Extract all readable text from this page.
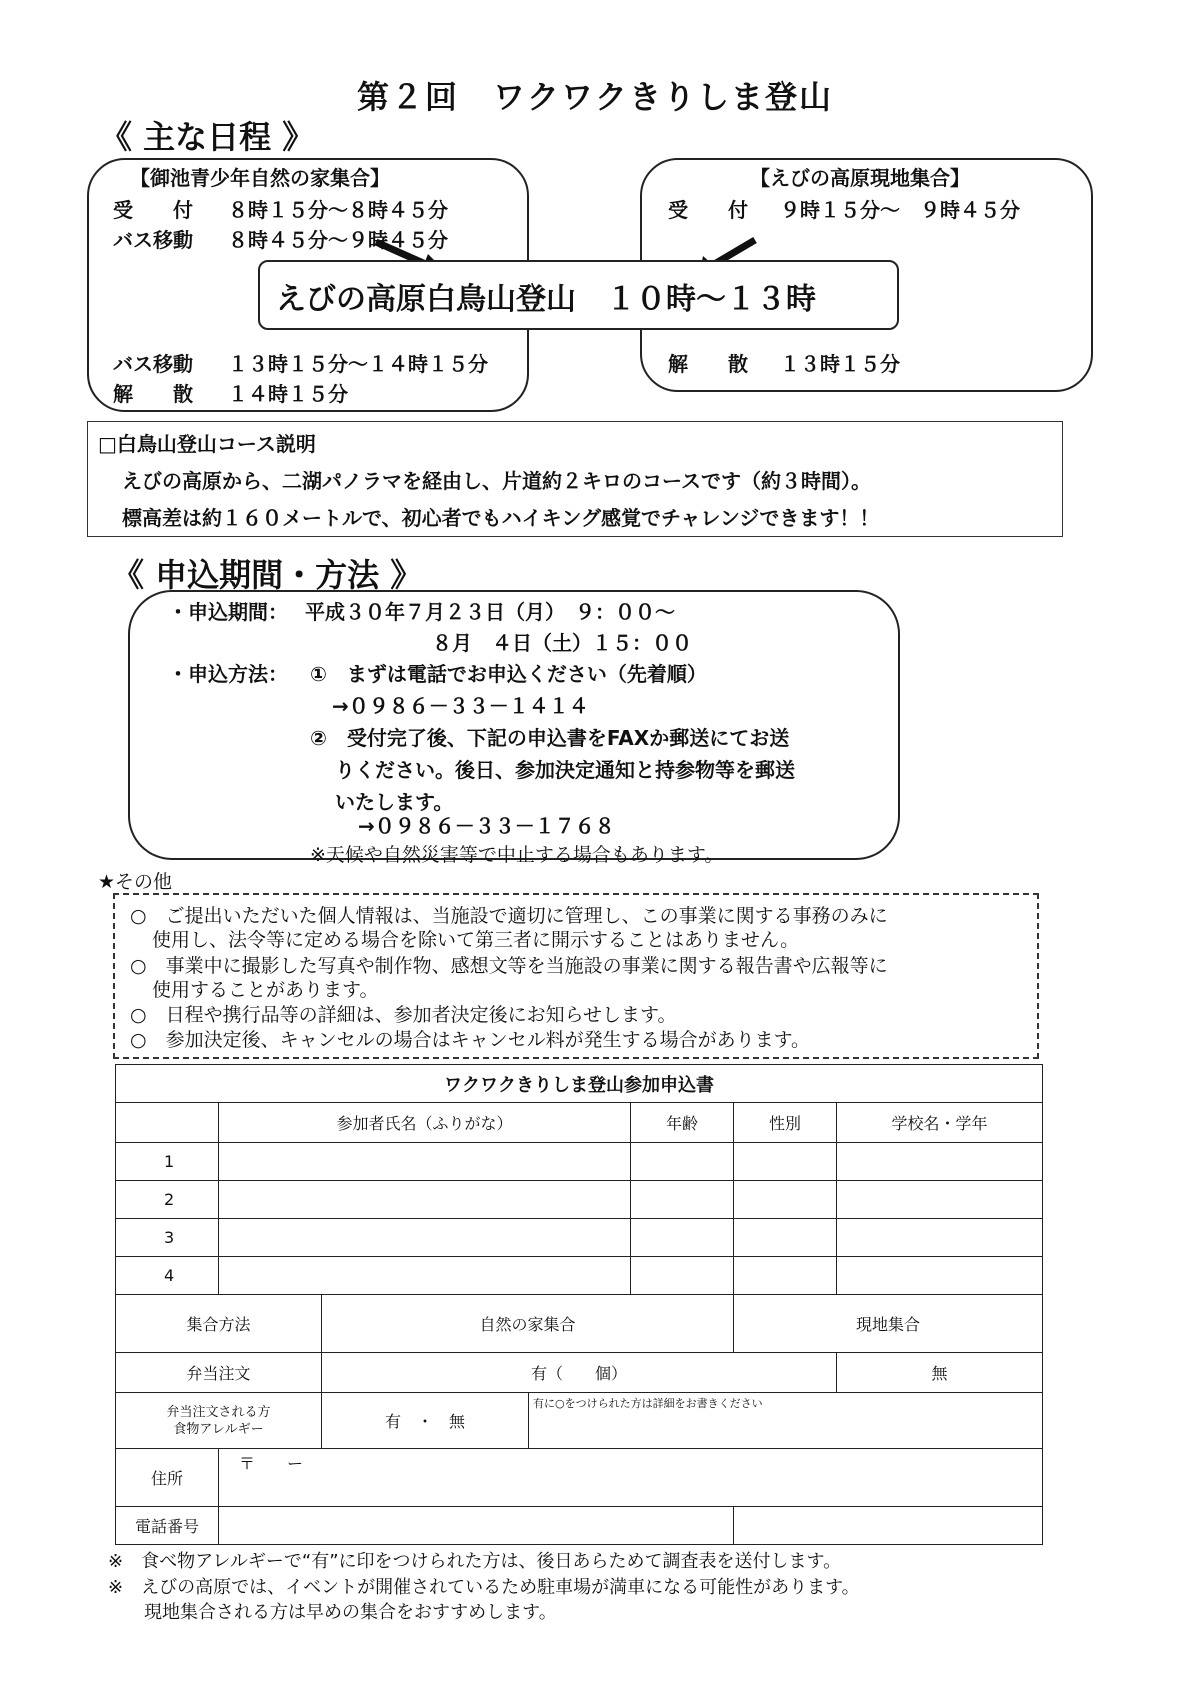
第２回　ワクワクきりしま登山
《 主な日程 》
【御池青少年自然の家集合】
受　　付 ８時１５分～８時４５分
バス移動 ８時４５分～９時４５分
バス移動 １３時１５分～１４時１５分
解　　散 １４時１５分
【えびの高原現地集合】
受　　付 ９時１５分～　９時４５分
解　　散 １３時１５分
えびの高原白鳥山登山　１０時～１３時
□白鳥山登山コース説明
えびの高原から、二湖パノラマを経由し、片道約２キロのコースです（約３時間）。
標高差は約１６０メートルで、初心者でもハイキング感覚でチャレンジできます！！
《 申込期間・方法 》
・申込期間： 平成３０年７月２３日（月）　９：００～
８月　４日（土）１５：００
・申込方法： ①　まずは電話でお申込ください（先着順）
→０９８６－３３－１４１４
②　受付完了後、下記の申込書をFAXか郵送にてお送
りください。後日、参加決定通知と持参物等を郵送
いたします。
→０９８６－３３－１７６８
※天候や自然災害等で中止する場合もあります。
★その他
○　ご提出いただいた個人情報は、当施設で適切に管理し、この事業に関する事務のみに
使用し、法令等に定める場合を除いて第三者に開示することはありません。
○　事業中に撮影した写真や制作物、感想文等を当施設の事業に関する報告書や広報等に
使用することがあります。
○　日程や携行品等の詳細は、参加者決定後にお知らせします。
○　参加決定後、キャンセルの場合はキャンセル料が発生する場合があります。
ワクワクきりしま登山参加申込書						
	参加者氏名（ふりがな）			年齢	性別	学校名・学年
1						
2						
3						
4						
集合方法		自然の家集合			現地集合	
弁当注文		有（　　個）				無

弁当注文される方
食物アレルギー		有　・　無	有に○をつけられた方は詳細をお書きください			
住所	〒　　ー					
電話番号						
※　食べ物アレルギーで“有”に印をつけられた方は、後日あらためて調査表を送付します。
※　えびの高原では、イベントが開催されているため駐車場が満車になる可能性があります。
　　現地集合される方は早めの集合をおすすめします。
